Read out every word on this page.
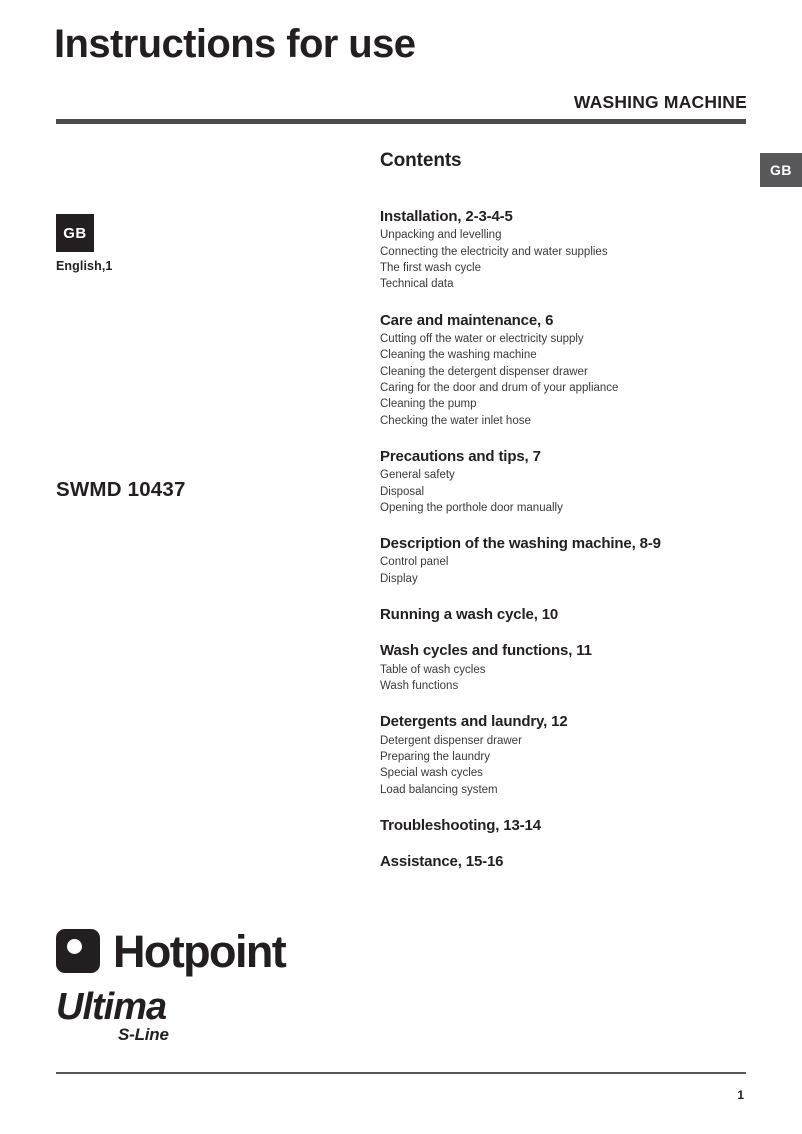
Instructions for use
WASHING MACHINE
GB
GB
English,1
SWMD 10437
Contents
Installation, 2-3-4-5
Unpacking and levelling
Connecting the electricity and water supplies
The first wash cycle
Technical data
Care and maintenance, 6
Cutting off the water or electricity supply
Cleaning the washing machine
Cleaning the detergent dispenser drawer
Caring for the door and drum of your appliance
Cleaning the pump
Checking the water inlet hose
Precautions and tips, 7
General safety
Disposal
Opening the porthole door manually
Description of the washing machine, 8-9
Control panel
Display
Running a wash cycle, 10
Wash cycles and functions, 11
Table of wash cycles
Wash functions
Detergents and laundry, 12
Detergent dispenser drawer
Preparing the laundry
Special wash cycles
Load balancing system
Troubleshooting, 13-14
Assistance, 15-16
Hotpoint
Ultima
S-Line
1
